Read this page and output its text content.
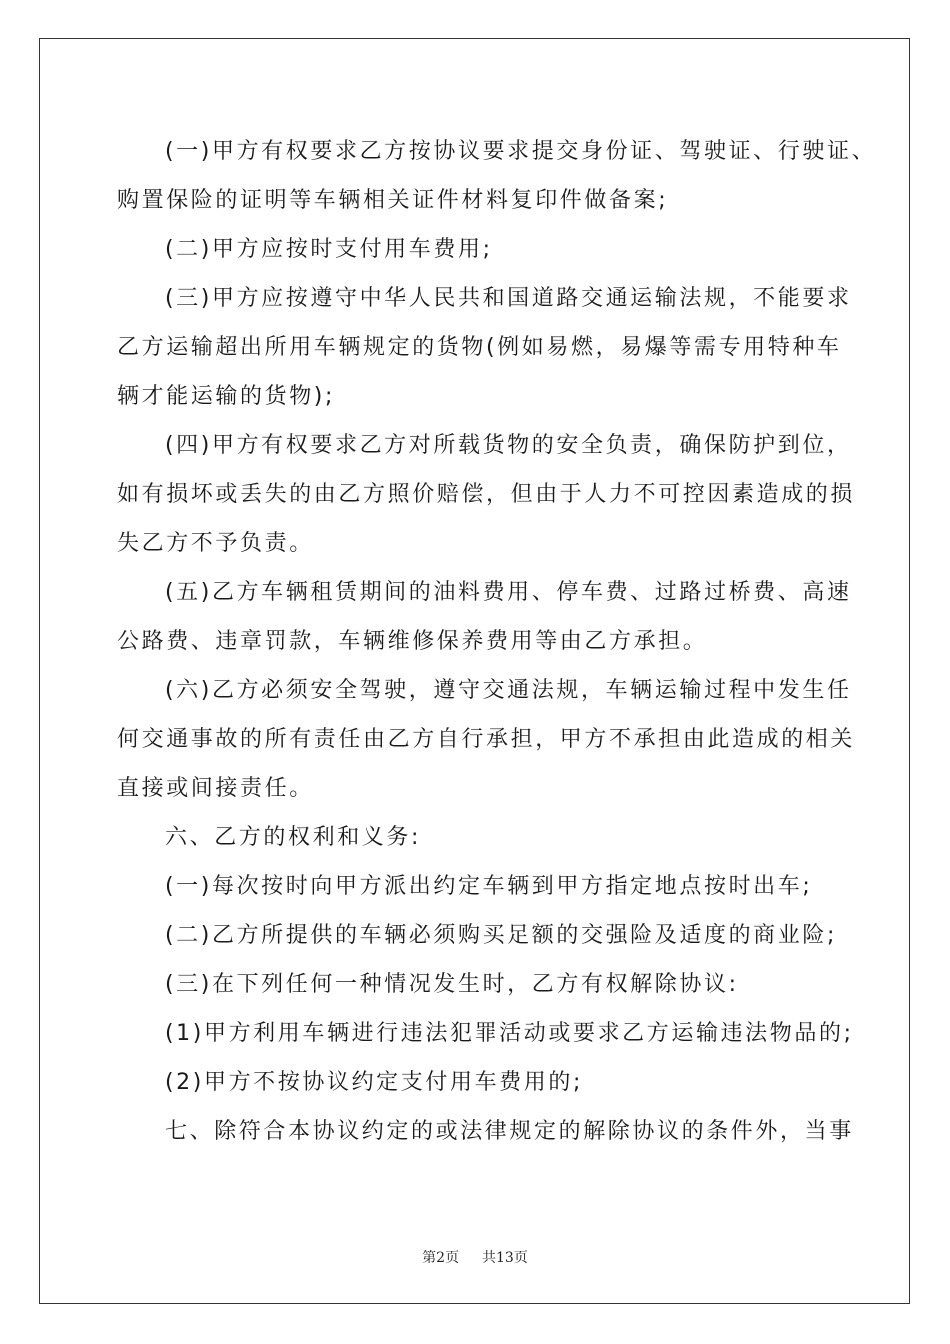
(一)甲方有权要求乙方按协议要求提交身份证、驾驶证、行驶证、
购置保险的证明等车辆相关证件材料复印件做备案;
(二)甲方应按时支付用车费用;
(三)甲方应按遵守中华人民共和国道路交通运输法规，不能要求
乙方运输超出所用车辆规定的货物(例如易燃，易爆等需专用特种车
辆才能运输的货物);
(四)甲方有权要求乙方对所载货物的安全负责，确保防护到位，
如有损坏或丢失的由乙方照价赔偿，但由于人力不可控因素造成的损
失乙方不予负责。
(五)乙方车辆租赁期间的油料费用、停车费、过路过桥费、高速
公路费、违章罚款，车辆维修保养费用等由乙方承担。
(六)乙方必须安全驾驶，遵守交通法规，车辆运输过程中发生任
何交通事故的所有责任由乙方自行承担，甲方不承担由此造成的相关
直接或间接责任。
六、乙方的权利和义务:
(一)每次按时向甲方派出约定车辆到甲方指定地点按时出车;
(二)乙方所提供的车辆必须购买足额的交强险及适度的商业险;
(三)在下列任何一种情况发生时，乙方有权解除协议:
(1)甲方利用车辆进行违法犯罪活动或要求乙方运输违法物品的;
(2)甲方不按协议约定支付用车费用的;
七、除符合本协议约定的或法律规定的解除协议的条件外，当事
第2页 共13页
